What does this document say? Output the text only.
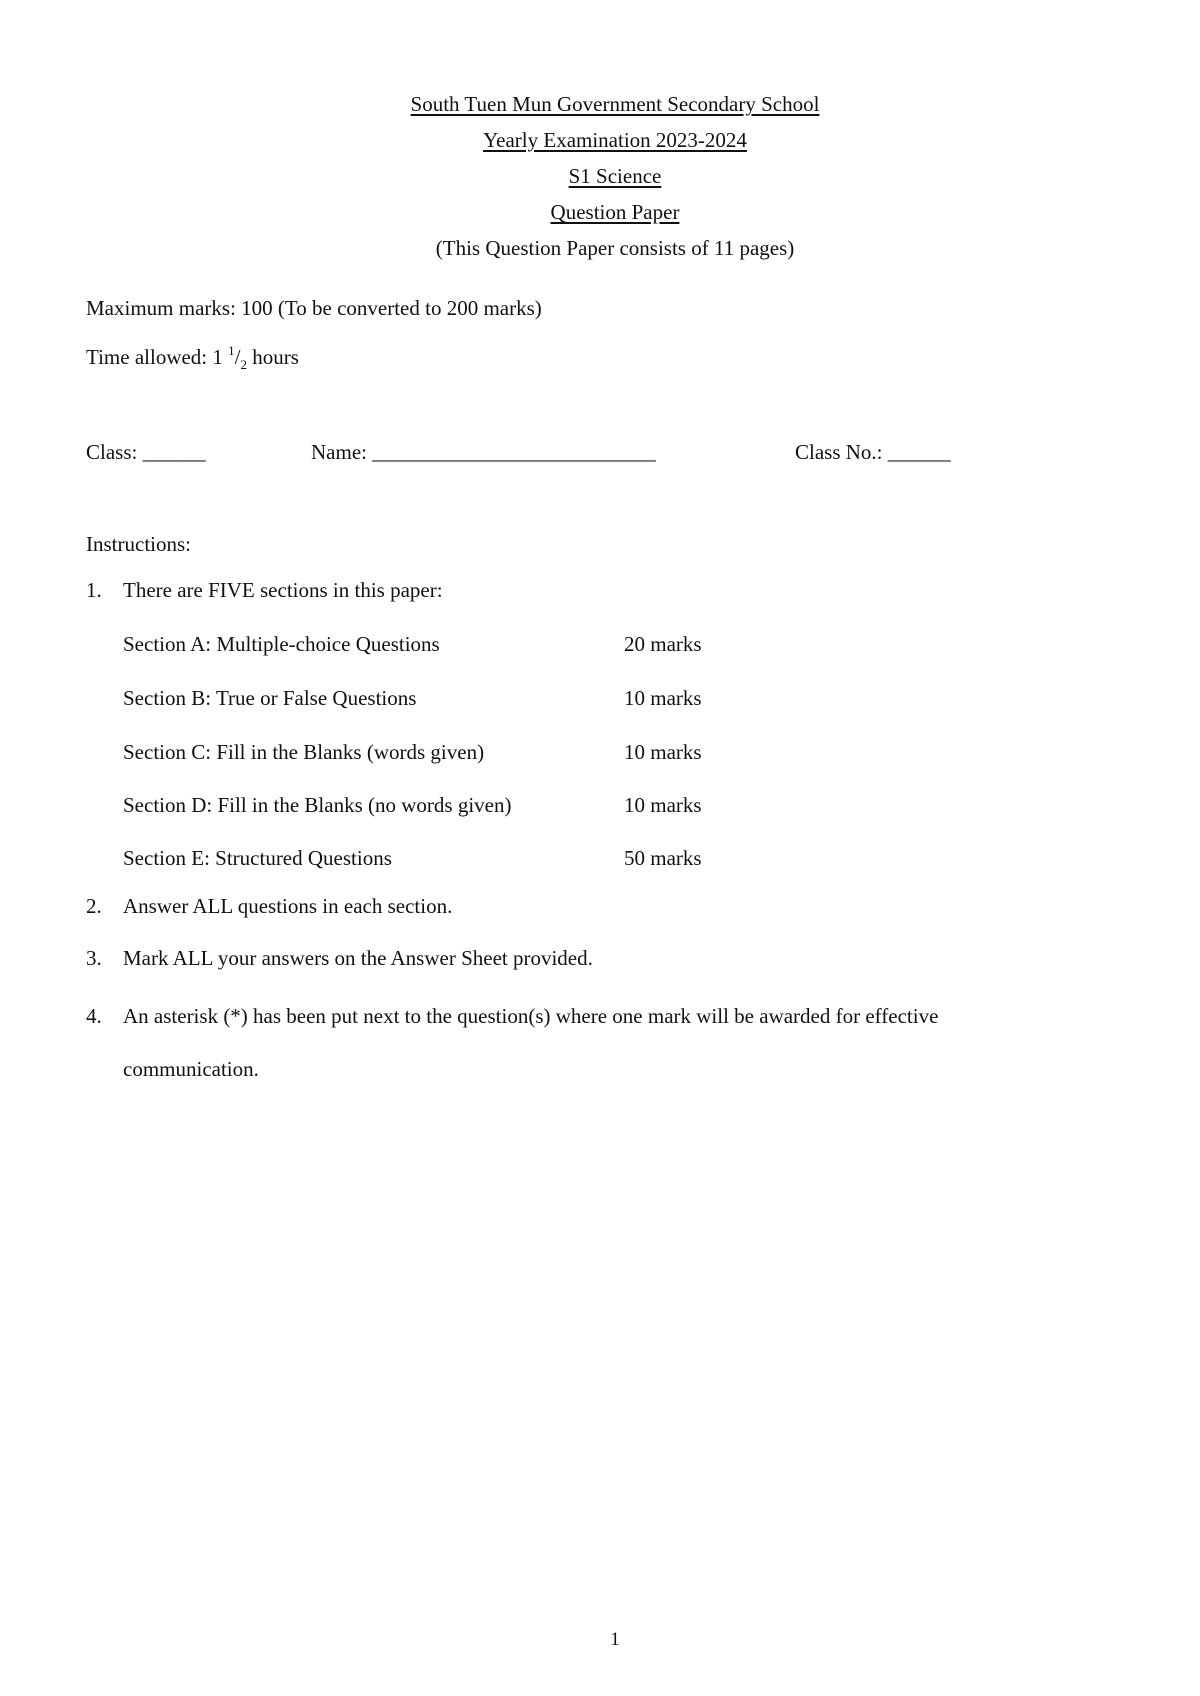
South Tuen Mun Government Secondary School
Yearly Examination 2023-2024
S1 Science
Question Paper
(This Question Paper consists of 11 pages)
Maximum marks: 100 (To be converted to 200 marks)
Time allowed: 1 $^1/_2$ hours
Class: ______	Name: ___________________________	Class No.: ______
Instructions:
1. There are FIVE sections in this paper:
Section A: Multiple-choice Questions	20 marks
Section B: True or False Questions	10 marks
Section C: Fill in the Blanks (words given)	10 marks
Section D: Fill in the Blanks (no words given)	10 marks
Section E: Structured Questions	50 marks
2. Answer ALL questions in each section.
3. Mark ALL your answers on the Answer Sheet provided.
4. An asterisk (*) has been put next to the question(s) where one mark will be awarded for effective
communication.
1
